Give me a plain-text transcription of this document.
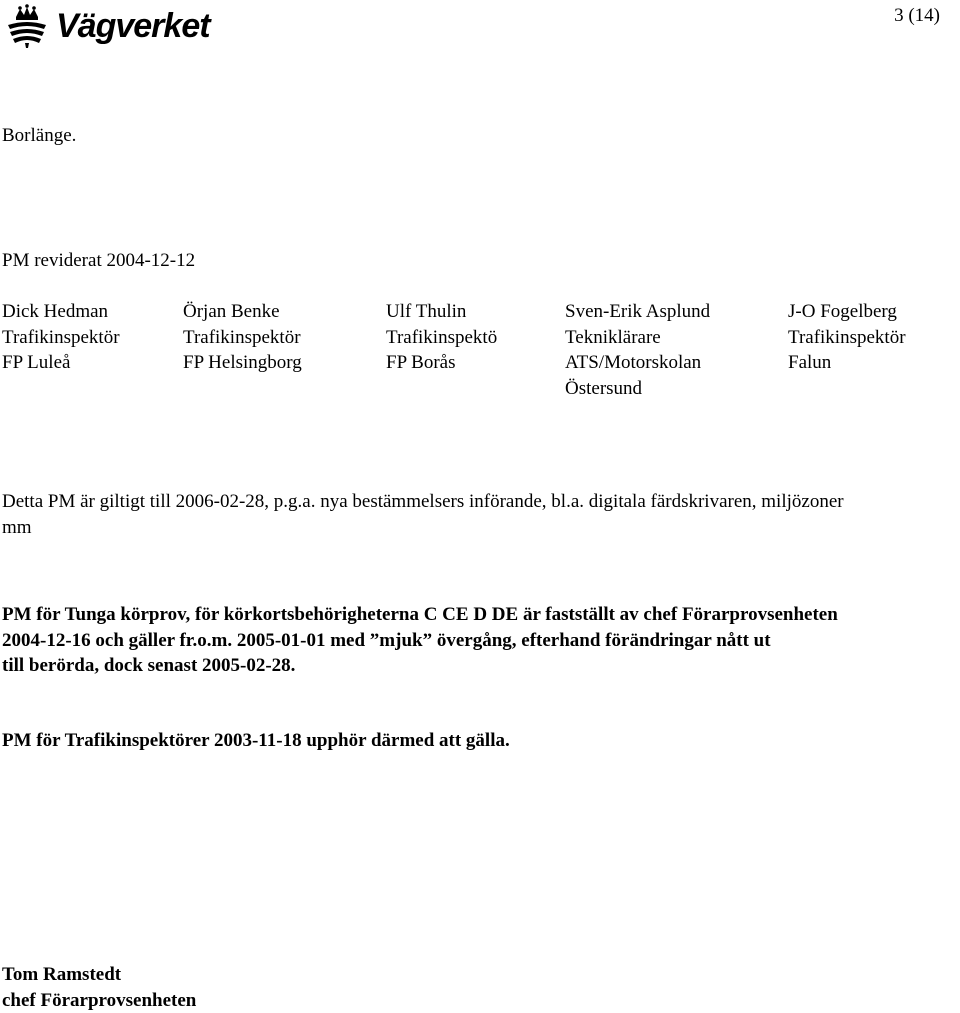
Vägverket	3 (14)
Borlänge.
PM reviderat 2004-12-12
Dick Hedman
Trafikinspektör
FP Luleå
Örjan Benke
Trafikinspektör
FP Helsingborg
Ulf Thulin
Trafikinspektö
FP Borås
Sven-Erik Asplund
Tekniklärare
ATS/Motorskolan
Östersund
J-O Fogelberg
Trafikinspektör
Falun
Detta PM är giltigt till 2006-02-28, p.g.a. nya bestämmelsers införande, bl.a. digitala färdskrivaren, miljözoner
mm
PM för Tunga körprov, för körkortsbehörigheterna C CE D DE är fastställt av chef Förarprovsenheten
2004-12-16 och gäller fr.o.m. 2005-01-01 med ”mjuk” övergång, efterhand förändringar nått ut
till berörda, dock senast 2005-02-28.
PM för Trafikinspektörer 2003-11-18 upphör därmed att gälla.
Tom Ramstedt
chef Förarprovsenheten
